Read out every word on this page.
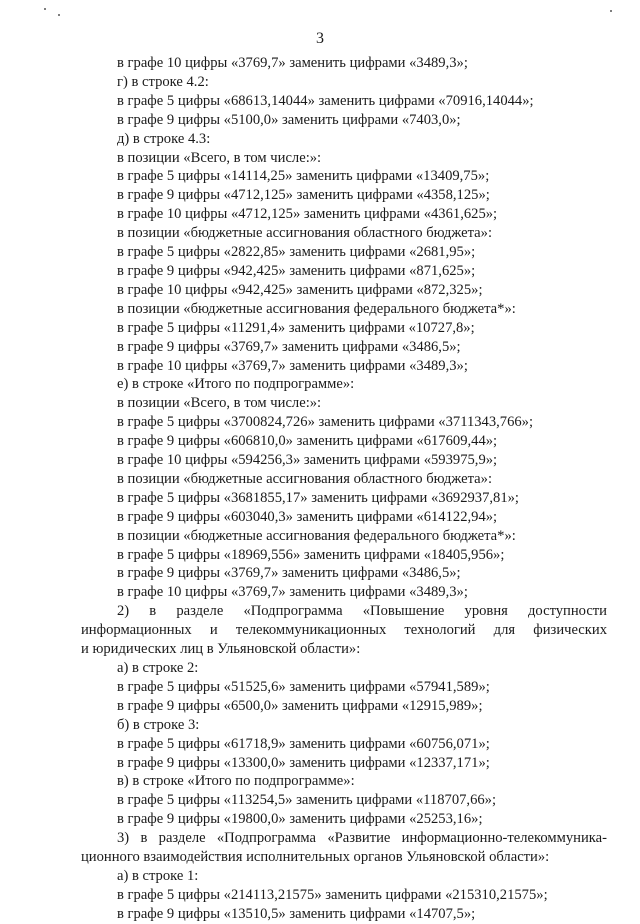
3
в графе 10 цифры «3769,7» заменить цифрами «3489,3»;
г) в строке 4.2:
в графе 5 цифры «68613,14044» заменить цифрами «70916,14044»;
в графе 9 цифры «5100,0» заменить цифрами «7403,0»;
д) в строке 4.3:
в позиции «Всего, в том числе:»:
в графе 5 цифры «14114,25» заменить цифрами «13409,75»;
в графе 9 цифры «4712,125» заменить цифрами «4358,125»;
в графе 10 цифры «4712,125» заменить цифрами «4361,625»;
в позиции «бюджетные ассигнования областного бюджета»:
в графе 5 цифры «2822,85» заменить цифрами «2681,95»;
в графе 9 цифры «942,425» заменить цифрами «871,625»;
в графе 10 цифры «942,425» заменить цифрами «872,325»;
в позиции «бюджетные ассигнования федерального бюджета*»:
в графе 5 цифры «11291,4» заменить цифрами «10727,8»;
в графе 9 цифры «3769,7» заменить цифрами «3486,5»;
в графе 10 цифры «3769,7» заменить цифрами «3489,3»;
е) в строке «Итого по подпрограмме»:
в позиции «Всего, в том числе:»:
в графе 5 цифры «3700824,726» заменить цифрами «3711343,766»;
в графе 9 цифры «606810,0» заменить цифрами «617609,44»;
в графе 10 цифры «594256,3» заменить цифрами «593975,9»;
в позиции «бюджетные ассигнования областного бюджета»:
в графе 5 цифры «3681855,17» заменить цифрами «3692937,81»;
в графе 9 цифры «603040,3» заменить цифрами «614122,94»;
в позиции «бюджетные ассигнования федерального бюджета*»:
в графе 5 цифры «18969,556» заменить цифрами «18405,956»;
в графе 9 цифры «3769,7» заменить цифрами «3486,5»;
в графе 10 цифры «3769,7» заменить цифрами «3489,3»;
2) в разделе «Подпрограмма «Повышение уровня доступности
информационных и телекоммуникационных технологий для физических
и юридических лиц в Ульяновской области»:
а) в строке 2:
в графе 5 цифры «51525,6» заменить цифрами «57941,589»;
в графе 9 цифры «6500,0» заменить цифрами «12915,989»;
б) в строке 3:
в графе 5 цифры «61718,9» заменить цифрами «60756,071»;
в графе 9 цифры «13300,0» заменить цифрами «12337,171»;
в) в строке «Итого по подпрограмме»:
в графе 5 цифры «113254,5» заменить цифрами «118707,66»;
в графе 9 цифры «19800,0» заменить цифрами «25253,16»;
3) в разделе «Подпрограмма «Развитие информационно-телекоммуника-
ционного взаимодействия исполнительных органов Ульяновской области»:
а) в строке 1:
в графе 5 цифры «214113,21575» заменить цифрами «215310,21575»;
в графе 9 цифры «13510,5» заменить цифрами «14707,5»;
